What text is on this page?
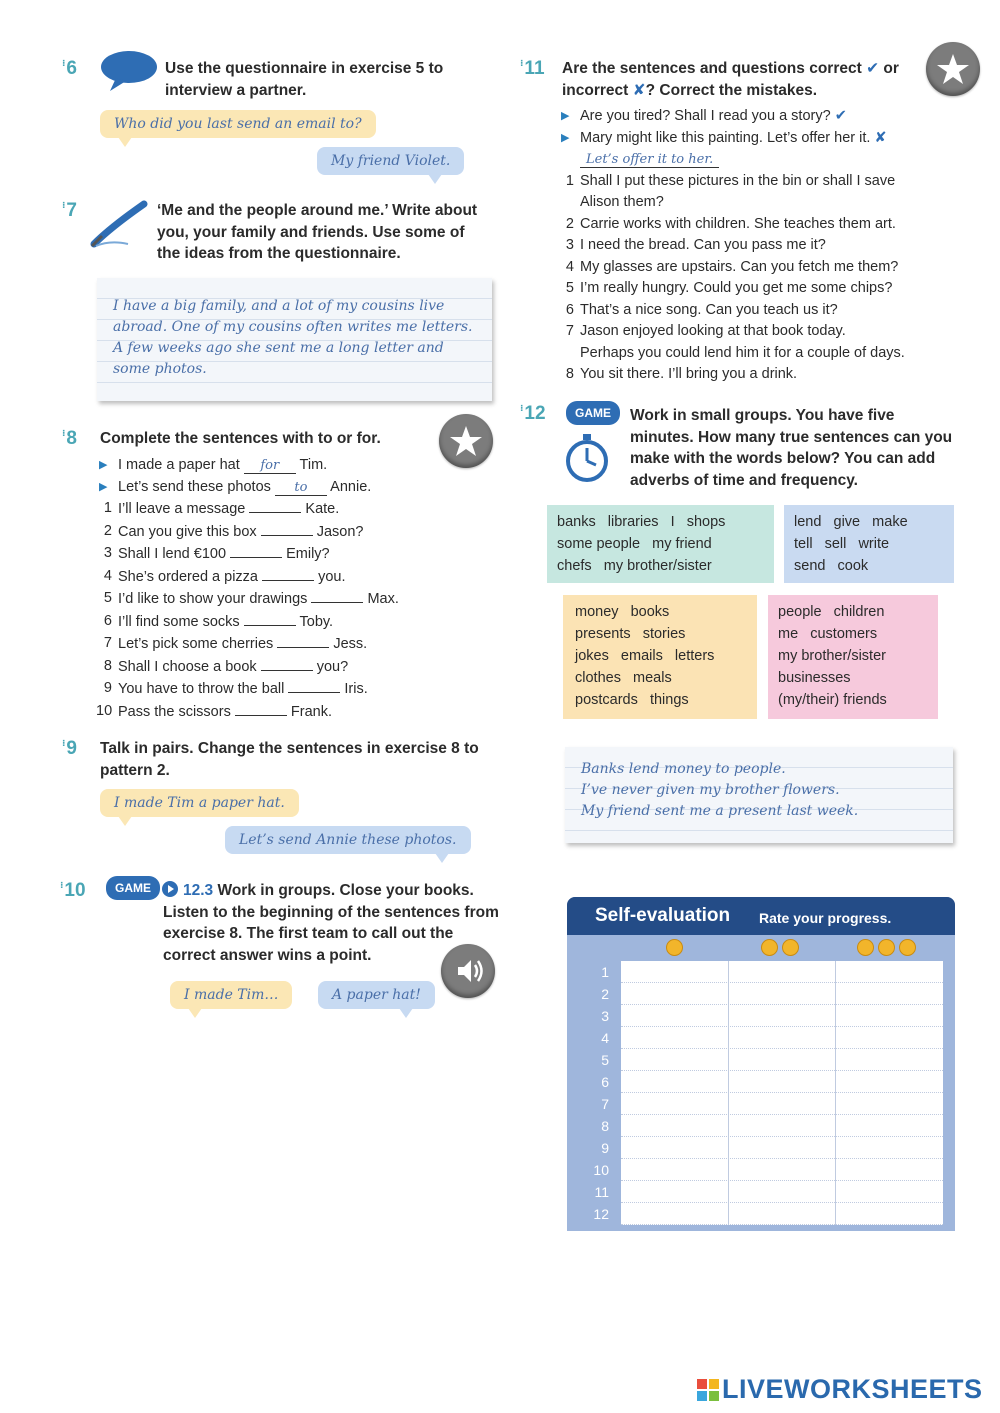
⁝ 6	Use the questionnaire in exercise 5 to interview a partner.
Who did you last send an email to?
My friend Violet.
⁝ 7	‘Me and the people around me.’ Write about you, your family and friends. Use some of the ideas from the questionnaire.
I have a big family, and a lot of my cousins live abroad. One of my cousins often writes me letters. A few weeks ago she sent me a long letter and some photos.
⁝ 8 Complete the sentences with to or for.
▶ I made a paper hat for Tim.
▶ Let’s send these photos to Annie.
1 I’ll leave a message	Kate.
2 Can you give this box	Jason?
3 Shall I lend €100	Emily?
4 She’s ordered a pizza	you.
5 I’d like to show your drawings	Max.
6 I’ll find some socks	Toby.
7 Let’s pick some cherries	Jess.
8 Shall I choose a book	you?
9 You have to throw the ball	Iris.
10 Pass the scissors	Frank.
⁝ 9 Talk in pairs. Change the sentences in exercise 8 to pattern 2.
I made Tim a paper hat.
Let’s send Annie these photos.
⁝ 10	GAME	12.3 Work in groups. Close your books. Listen to the beginning of the sentences from exercise 8. The first team to call out the correct answer wins a point.
I made Tim…	A paper hat!
⁝ 11 Are the sentences and questions correct ✔ or
incorrect ✘? Correct the mistakes.
▶ Are you tired? Shall I read you a story? ✔
▶ Mary might like this painting. Let’s offer her it. ✘
Let’s offer it to her.
1 Shall I put these pictures in the bin or shall I save
Alison them?
2 Carrie works with children. She teaches them art.
3 I need the bread. Can you pass me it?
4 My glasses are upstairs. Can you fetch me them?
5 I’m really hungry. Could you get me some chips?
6 That’s a nice song. Can you teach us it?
7 Jason enjoyed looking at that book today.
Perhaps you could lend him it for a couple of days.
8 You sit there. I’ll bring you a drink.
⁝ 12	GAME	Work in small groups. You have five minutes. How many true sentences can you make with the words below? You can add adverbs of time and frequency.
banks   libraries   I   shops
some people   my friend
chefs   my brother/sister
lend   give   make
tell   sell   write
send   cook
money   books
presents   stories
jokes   emails   letters
clothes   meals
postcards   things
people   children
me   customers
my brother/sister
businesses
(my/their) friends
Banks lend money to people.
I’ve never given my brother flowers.
My friend sent me a present last week.
Self-evaluation Rate your progress.
1
2
3
4
5
6
7
8
9
10
11
12
LIVEWORKSHEETS
